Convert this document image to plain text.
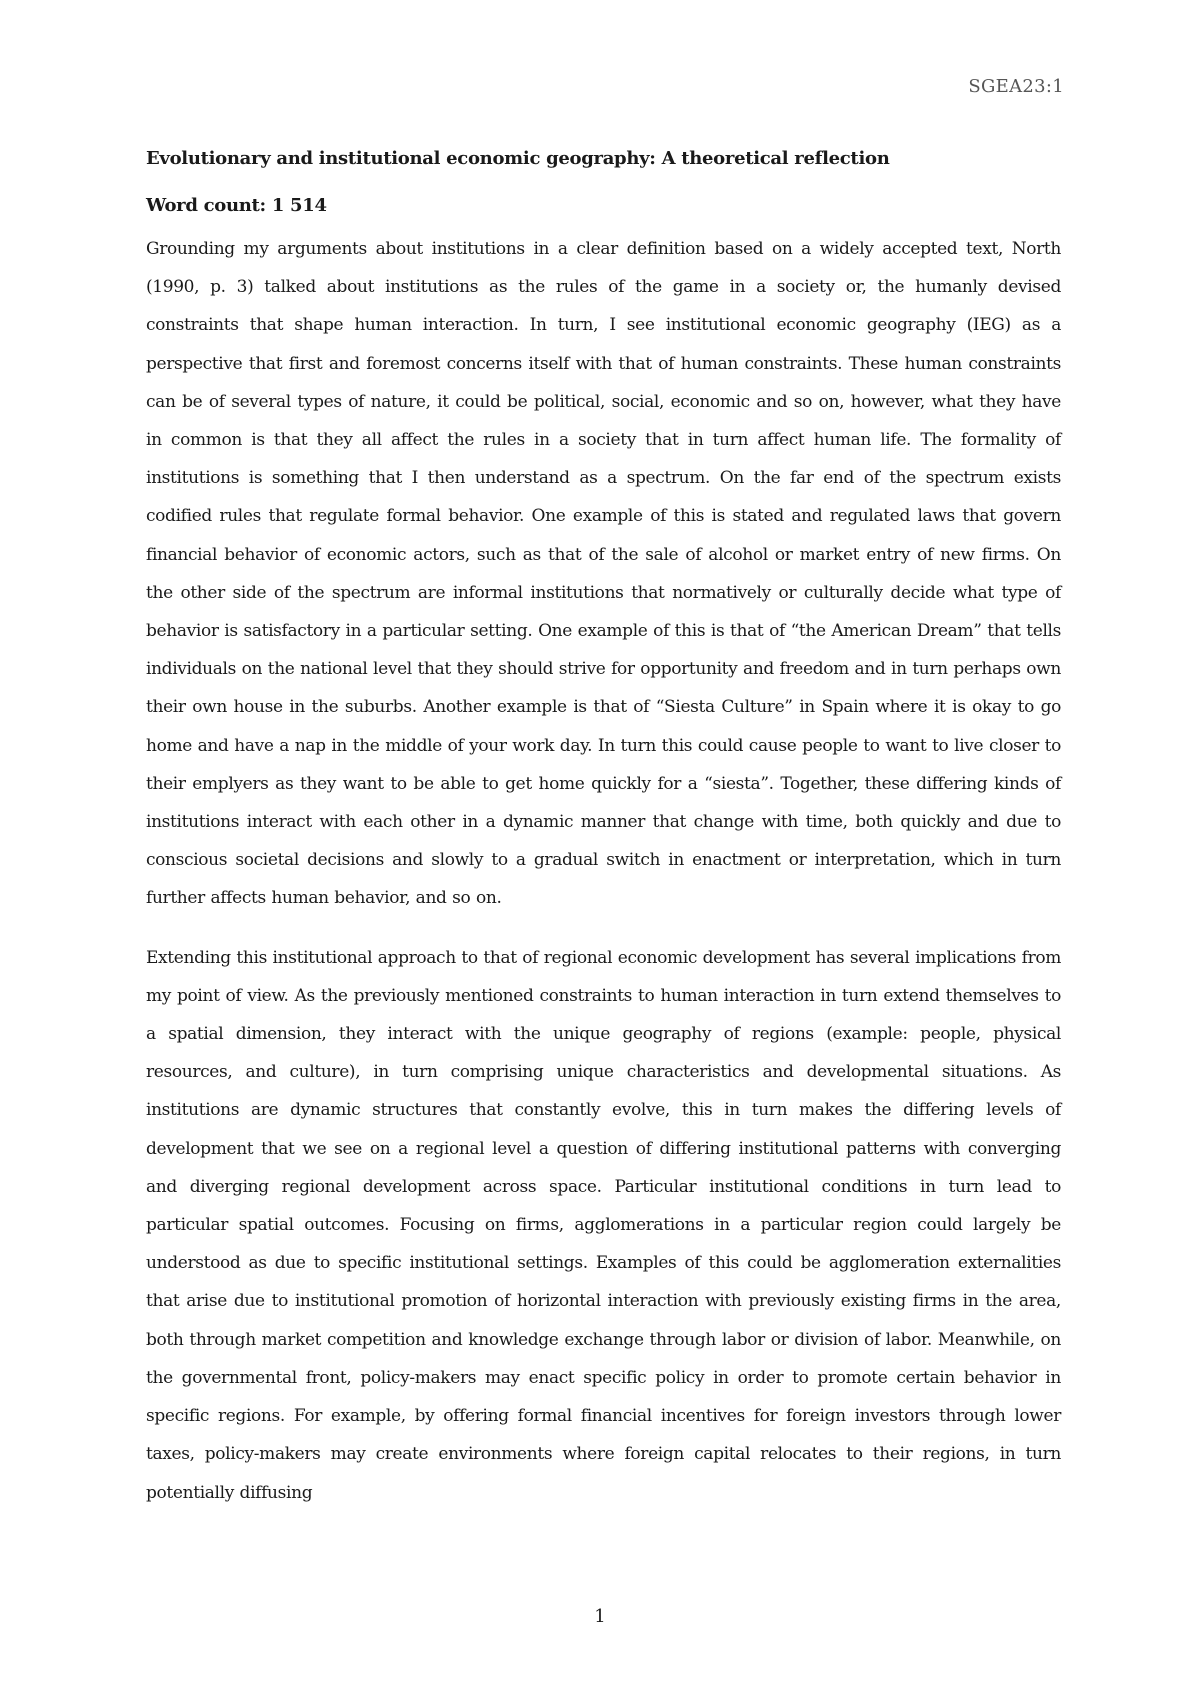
SGEA23:1
Evolutionary and institutional economic geography: A theoretical reflection
Word count: 1 514

Grounding my arguments about institutions in a clear definition based on a widely accepted text, North (1990, p. 3) talked about institutions as the rules of the game in a society or, the humanly devised constraints that shape human interaction. In turn, I see institutional economic geography (IEG) as a perspective that first and foremost concerns itself with that of human constraints. These human constraints can be of several types of nature, it could be political, social, economic and so on, however, what they have in common is that they all affect the rules in a society that in turn affect human life. The formality of institutions is something that I then understand as a spectrum. On the far end of the spectrum exists codified rules that regulate formal behavior. One example of this is stated and regulated laws that govern financial behavior of economic actors, such as that of the sale of alcohol or market entry of new firms. On the other side of the spectrum are informal institutions that normatively or culturally decide what type of behavior is satisfactory in a particular setting. One example of this is that of “the American Dream” that tells individuals on the national level that they should strive for opportunity and freedom and in turn perhaps own their own house in the suburbs. Another example is that of “Siesta Culture” in Spain where it is okay to go home and have a nap in the middle of your work day. In turn this could cause people to want to live closer to their emplyers as they want to be able to get home quickly for a “siesta”. Together, these differing kinds of institutions interact with each other in a dynamic manner that change with time, both quickly and due to conscious societal decisions and slowly to a gradual switch in enactment or interpretation, which in turn further affects human behavior, and so on.

Extending this institutional approach to that of regional economic development has several implications from my point of view. As the previously mentioned constraints to human interaction in turn extend themselves to a spatial dimension, they interact with the unique geography of regions (example: people, physical resources, and culture), in turn comprising unique characteristics and developmental situations. As institutions are dynamic structures that constantly evolve, this in turn makes the differing levels of development that we see on a regional level a question of differing institutional patterns with converging and diverging regional development across space. Particular institutional conditions in turn lead to particular spatial outcomes. Focusing on firms, agglomerations in a particular region could largely be understood as due to specific institutional settings. Examples of this could be agglomeration externalities that arise due to institutional promotion of horizontal interaction with previously existing firms in the area, both through market competition and knowledge exchange through labor or division of labor. Meanwhile, on the governmental front, policy-makers may enact specific policy in order to promote certain behavior in specific regions. For example, by offering formal financial incentives for foreign investors through lower taxes, policy-makers may create environments where foreign capital relocates to their regions, in turn potentially diffusing

1
